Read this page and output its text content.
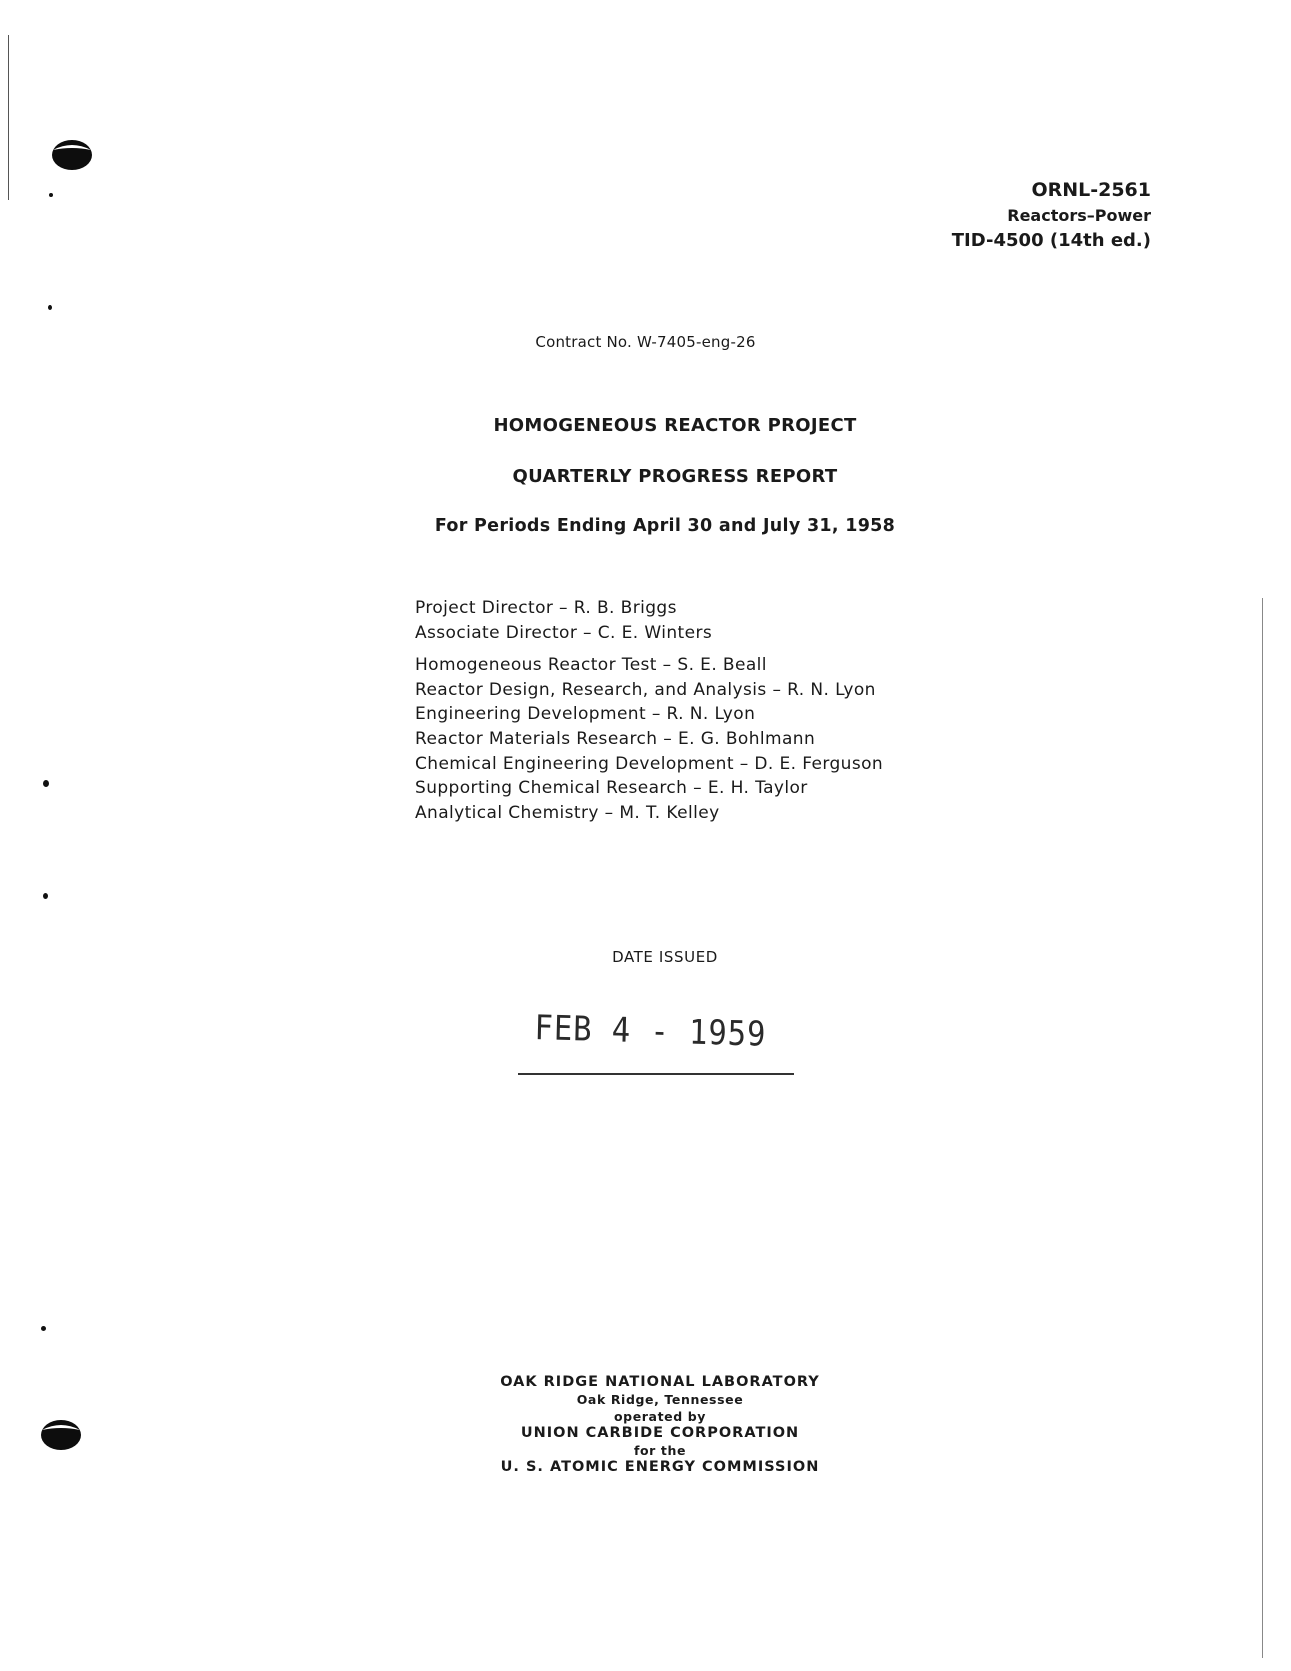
ORNL-2561
Reactors–Power
TID-4500 (14th ed.)
Contract No. W-7405-eng-26
HOMOGENEOUS REACTOR PROJECT
QUARTERLY PROGRESS REPORT
For Periods Ending April 30 and July 31, 1958
Project Director – R. B. Briggs
Associate Director – C. E. Winters
Homogeneous Reactor Test – S. E. Beall
Reactor Design, Research, and Analysis – R. N. Lyon
Engineering Development – R. N. Lyon
Reactor Materials Research – E. G. Bohlmann
Chemical Engineering Development – D. E. Ferguson
Supporting Chemical Research – E. H. Taylor
Analytical Chemistry – M. T. Kelley
DATE ISSUED
FEB 4 - 1959
OAK RIDGE NATIONAL LABORATORY
Oak Ridge, Tennessee
operated by
UNION CARBIDE CORPORATION
for the
U. S. ATOMIC ENERGY COMMISSION
